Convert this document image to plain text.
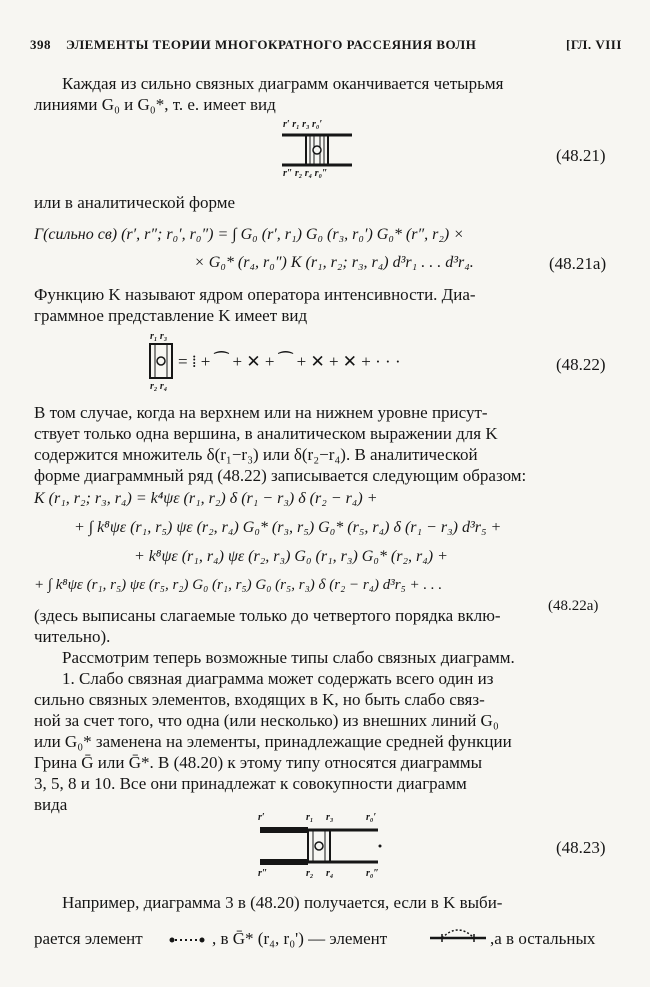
398 ЭЛЕМЕНТЫ ТЕОРИИ МНОГОКРАТНОГО РАССЕЯНИЯ ВОЛН	[ГЛ. VIII
Каждая из сильно связных диаграмм оканчивается четырьмя
линиями G₀ и G₀*, т. е. имеет вид
r′ r₁ r₃ r₀′
r″ r₂ r₄ r₀″
(48.21)
или в аналитической форме
Γ(сильно св) (r′, r″; r₀′, r₀″) = ∫ G₀ (r′, r₁) G₀ (r₃, r₀′) G₀* (r″, r₂) ×
× G₀* (r₄, r₀″) K (r₁, r₂; r₃, r₄) d³r₁ . . . d³r₄.	(48.21a)
Функцию K называют ядром оператора интенсивности. Диа-
граммное представление K имеет вид
r₁ r₃
r₂ r₄
= ⁞ + ⁀ + ✕ + ⁀ + ✕ + ✕ + · · ·	(48.22)
В том случае, когда на верхнем или на нижнем уровне присут-
ствует только одна вершина, в аналитическом выражении для K
содержится множитель δ(r₁−r₃) или δ(r₂−r₄). В аналитической
форме диаграммный ряд (48.22) записывается следующим образом:
K (r₁, r₂; r₃, r₄) = k⁴ψε (r₁, r₂) δ (r₁ − r₃) δ (r₂ − r₄) +
+ ∫ k⁸ψε (r₁, r₅) ψε (r₂, r₄) G₀* (r₃, r₅) G₀* (r₅, r₄) δ (r₁ − r₃) d³r₅ +
+ k⁸ψε (r₁, r₄) ψε (r₂, r₃) G₀ (r₁, r₃) G₀* (r₂, r₄) +
+ ∫ k⁸ψε (r₁, r₅) ψε (r₅, r₂) G₀ (r₁, r₅) G₀ (r₅, r₃) δ (r₂ − r₄) d³r₅ + . . .
(48.22a)
(здесь выписаны слагаемые только до четвертого порядка вклю-
чительно).
Рассмотрим теперь возможные типы слабо связных диаграмм.
1. Слабо связная диаграмма может содержать всего один из
сильно связных элементов, входящих в K, но быть слабо связ-
ной за счет того, что одна (или несколько) из внешних линий G₀
или G₀* заменена на элементы, принадлежащие средней функции
Грина Ḡ или Ḡ*. В (48.20) к этому типу относятся диаграммы
3, 5, 8 и 10. Все они принадлежат к совокупности диаграмм
вида
r′	r₁ r₃	r₀′
r″	r₂ r₄	r₀″
(48.23)
Например, диаграмма 3 в (48.20) получается, если в K выби-
рается элемент	, в Ḡ* (r₄, r₀') — элемент	,а в остальных
